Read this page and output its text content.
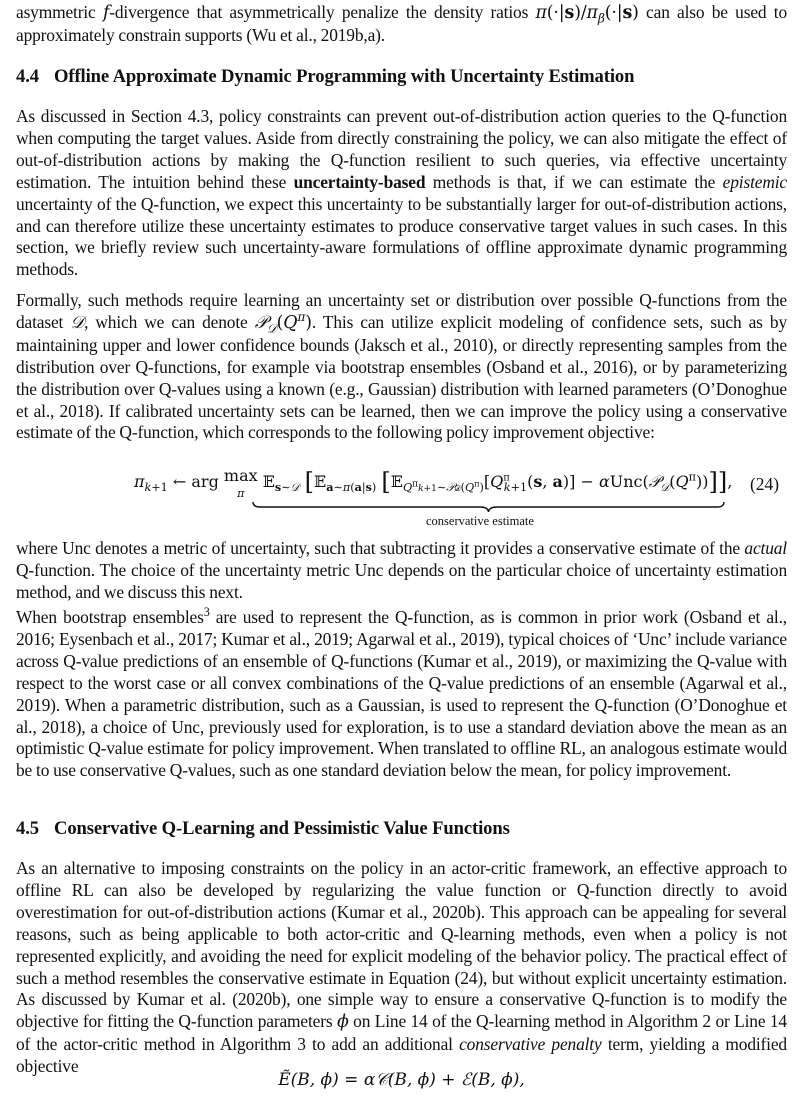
asymmetric f-divergence that asymmetrically penalize the density ratios $\pi(\cdot|s)/\pi_\beta(\cdot|s)$ can also be used to approximately constrain supports (Wu et al., 2019b,a).

4.4 Offline Approximate Dynamic Programming with Uncertainty Estimation

As discussed in Section 4.3, policy constraints can prevent out-of-distribution action queries to the Q-function when computing the target values. Aside from directly constraining the policy, we can also mitigate the effect of out-of-distribution actions by making the Q-function resilient to such queries, via effective uncertainty estimation. The intuition behind these uncertainty-based methods is that, if we can estimate the epistemic uncertainty of the Q-function, we expect this uncertainty to be substantially larger for out-of-distribution actions, and can therefore utilize these uncertainty estimates to produce conservative target values in such cases. In this section, we briefly review such uncertainty-aware formulations of offline approximate dynamic programming methods.

Formally, such methods require learning an uncertainty set or distribution over possible Q-functions from the dataset 𝒟, which we can denote $𝒫_𝒟(Q^\pi)$. This can utilize explicit modeling of confidence sets, such as by maintaining upper and lower confidence bounds (Jaksch et al., 2010), or directly representing samples from the distribution over Q-functions, for example via bootstrap ensembles (Osband et al., 2016), or by parameterizing the distribution over Q-values using a known (e.g., Gaussian) distribution with learned parameters (O’Donoghue et al., 2018). If calibrated uncertainty sets can be learned, then we can improve the policy using a conservative estimate of the Q-function, which corresponds to the following policy improvement objective:

$\pi_{k+1}$ ← arg max
π 𝔼$_{s\sim 𝒟}$ [𝔼$_{a\sim\pi(a|s)}$ [$𝔼_{Q^\pi k+1\sim 𝒫𝒟(Q^\pi)}[Q^\pi_{k+1}(s$, $a)] - \alpha Unc(𝒫_𝒟(Q^\pi))$]], (24)
conservative estimate

where Unc denotes a metric of uncertainty, such that subtracting it provides a conservative estimate of the actual Q-function. The choice of the uncertainty metric Unc depends on the particular choice of uncertainty estimation method, and we discuss this next.

When bootstrap ensembles$^3$ are used to represent the Q-function, as is common in prior work (Osband et al., 2016; Eysenbach et al., 2017; Kumar et al., 2019; Agarwal et al., 2019), typical choices of ‘Unc’ include variance across Q-value predictions of an ensemble of Q-functions (Kumar et al., 2019), or maximizing the Q-value with respect to the worst case or all convex combinations of the Q-value predictions of an ensemble (Agarwal et al., 2019). When a parametric distribution, such as a Gaussian, is used to represent the Q-function (O’Donoghue et al., 2018), a choice of Unc, previously used for exploration, is to use a standard deviation above the mean as an optimistic Q-value estimate for policy improvement. When translated to offline RL, an analogous estimate would be to use conservative Q-values, such as one standard deviation below the mean, for policy improvement.

4.5 Conservative Q-Learning and Pessimistic Value Functions

As an alternative to imposing constraints on the policy in an actor-critic framework, an effective approach to offline RL can also be developed by regularizing the value function or Q-function directly to avoid overestimation for out-of-distribution actions (Kumar et al., 2020b). This approach can be appealing for several reasons, such as being applicable to both actor-critic and Q-learning methods, even when a policy is not represented explicitly, and avoiding the need for explicit modeling of the behavior policy. The practical effect of such a method resembles the conservative estimate in Equation (24), but without explicit uncertainty estimation. As discussed by Kumar et al. (2020b), one simple way to ensure a conservative Q-function is to modify the objective for fitting the Q-function parameters ϕ on Line 14 of the Q-learning method in Algorithm 2 or Line 14 of the actor-critic method in Algorithm 3 to add an additional conservative penalty term, yielding a modified objective

Ẽ(B, ϕ) = α𝒞(B, ϕ) + ℰ(B, ϕ),
